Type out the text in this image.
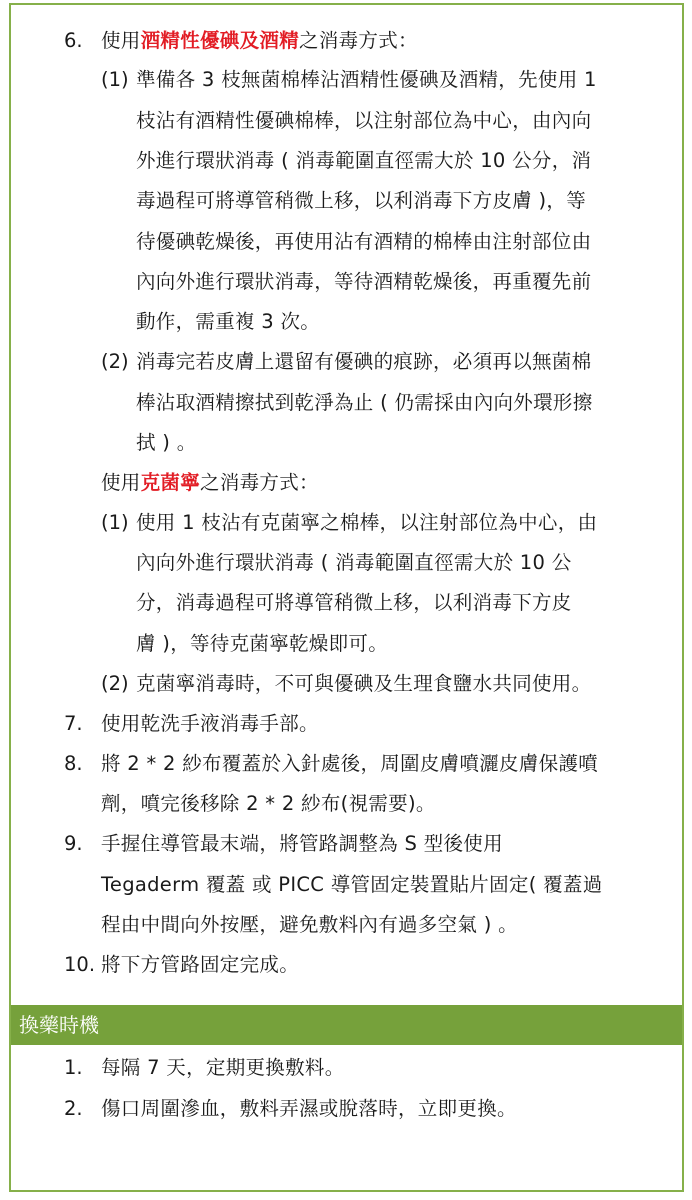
6. 使用酒精性優碘及酒精之消毒方式：
(1) 準備各 3 枝無菌棉棒沾酒精性優碘及酒精，先使用 1
枝沾有酒精性優碘棉棒，以注射部位為中心，由內向
外進行環狀消毒 ( 消毒範圍直徑需大於 10 公分，消
毒過程可將導管稍微上移，以利消毒下方皮膚 )，等
待優碘乾燥後，再使用沾有酒精的棉棒由注射部位由
內向外進行環狀消毒，等待酒精乾燥後，再重覆先前
動作，需重複 3 次。
(2) 消毒完若皮膚上還留有優碘的痕跡，必須再以無菌棉
棒沾取酒精擦拭到乾淨為止 ( 仍需採由內向外環形擦
拭 ) 。
使用克菌寧之消毒方式：
(1) 使用 1 枝沾有克菌寧之棉棒，以注射部位為中心，由
內向外進行環狀消毒 ( 消毒範圍直徑需大於 10 公
分，消毒過程可將導管稍微上移，以利消毒下方皮
膚 )，等待克菌寧乾燥即可。
(2) 克菌寧消毒時，不可與優碘及生理食鹽水共同使用。
7. 使用乾洗手液消毒手部。
8. 將 2 * 2 紗布覆蓋於入針處後，周圍皮膚噴灑皮膚保護噴
劑，噴完後移除 2 * 2 紗布(視需要)。
9. 手握住導管最末端，將管路調整為 S 型後使用
Tegaderm 覆蓋 或 PICC 導管固定裝置貼片固定( 覆蓋過
程由中間向外按壓，避免敷料內有過多空氣 ) 。
10. 將下方管路固定完成。
換藥時機
1. 每隔 7 天，定期更換敷料。
2. 傷口周圍滲血，敷料弄濕或脫落時，立即更換。
